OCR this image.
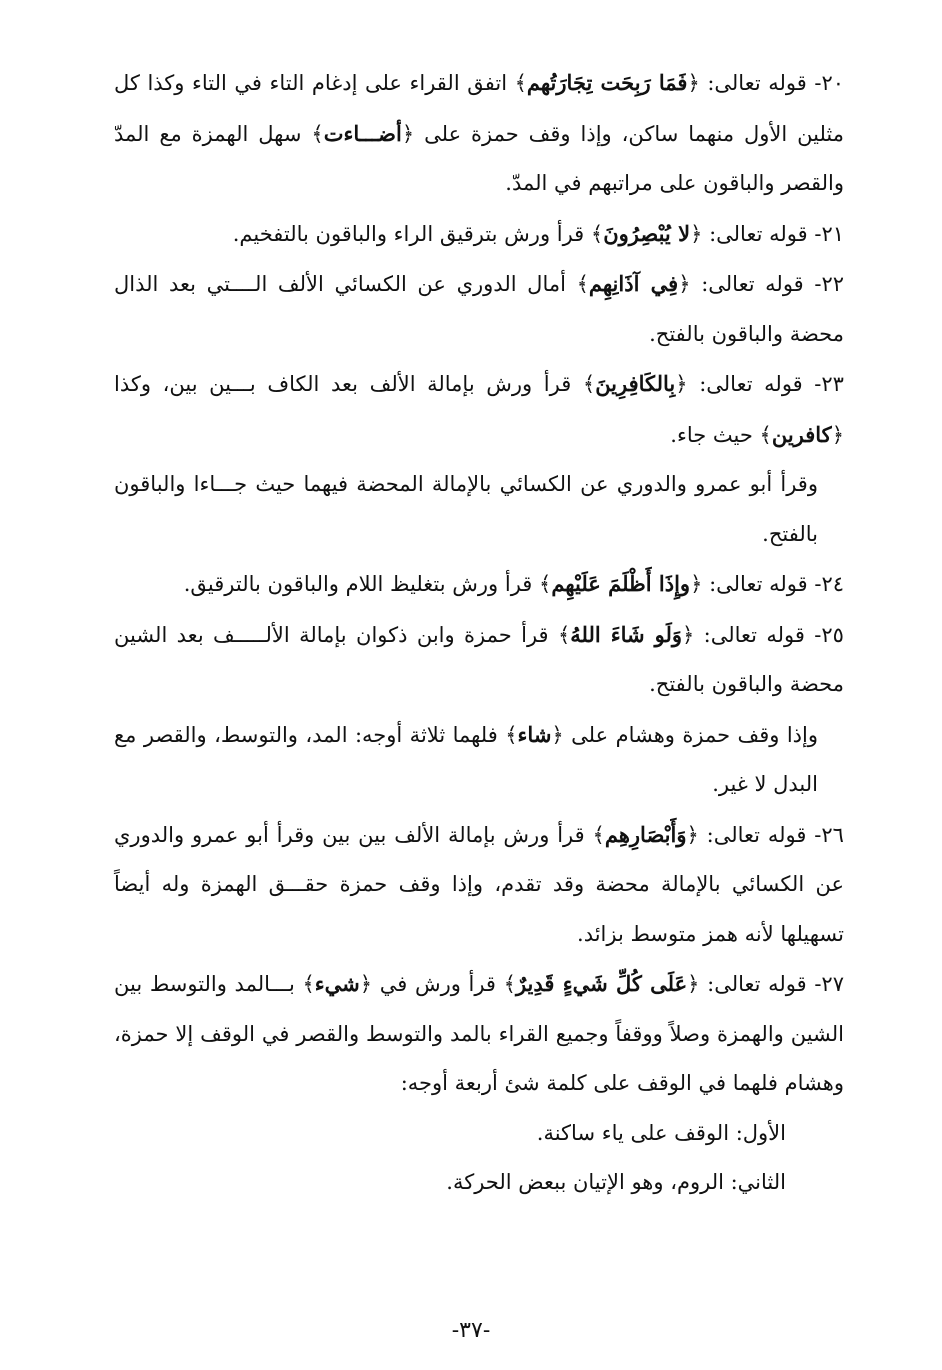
٢٠- قوله تعالى: ﴿فَمَا رَبِحَت تِجَارَتُهم﴾ اتفق القراء على إدغام التاء في التاء وكذا كل مثلين الأول منهما ساكن، وإذا وقف حمزة على ﴿أضـــاءت﴾ سهل الهمزة مع المدّ والقصر والباقون على مراتبهم في المدّ.

٢١- قوله تعالى: ﴿لا يُبْصِرُونَ﴾ قرأ ورش بترقيق الراء والباقون بالتفخيم.

٢٢- قوله تعالى: ﴿فِي آذَانِهِم﴾ أمال الدوري عن الكسائي الألف الــــتي بعد الذال محضة والباقون بالفتح.

٢٣- قوله تعالى: ﴿بِالكَافِرِينَ﴾ قرأ ورش بإمالة الألف بعد الكاف بـــين بين، وكذا ﴿كافرين﴾ حيث جاء.

وقرأ أبو عمرو والدوري عن الكسائي بالإمالة المحضة فيهما حيث جـــاءا والباقون بالفتح.

٢٤- قوله تعالى: ﴿وإِذَا أَظْلَمَ عَلَيْهِم﴾ قرأ ورش بتغليظ اللام والباقون بالترقيق.

٢٥- قوله تعالى: ﴿وَلَو شَاءَ اللهُ﴾ قرأ حمزة وابن ذكوان بإمالة الألـــــف بعد الشين محضة والباقون بالفتح.

وإذا وقف حمزة وهشام على ﴿شاء﴾ فلهما ثلاثة أوجه: المد، والتوسط، والقصر مع البدل لا غير.

٢٦- قوله تعالى: ﴿وَأَبْصَارِهِم﴾ قرأ ورش بإمالة الألف بين بين وقرأ أبو عمرو والدوري عن الكسائي بالإمالة محضة وقد تقدم، وإذا وقف حمزة حقـــق الهمزة وله أيضاً تسهيلها لأنه همز متوسط بزائد.

٢٧- قوله تعالى: ﴿عَلَى كُلِّ شَيءٍ قَدِيرٌ﴾ قرأ ورش في ﴿شيء﴾ بـــالمد والتوسط بين الشين والهمزة وصلاً ووقفاً وجميع القراء بالمد والتوسط والقصر في الوقف إلا حمزة، وهشام فلهما في الوقف على كلمة شئ أربعة أوجه:

الأول: الوقف على ياء ساكنة.

الثاني: الروم، وهو الإتيان ببعض الحركة.

-٣٧-
